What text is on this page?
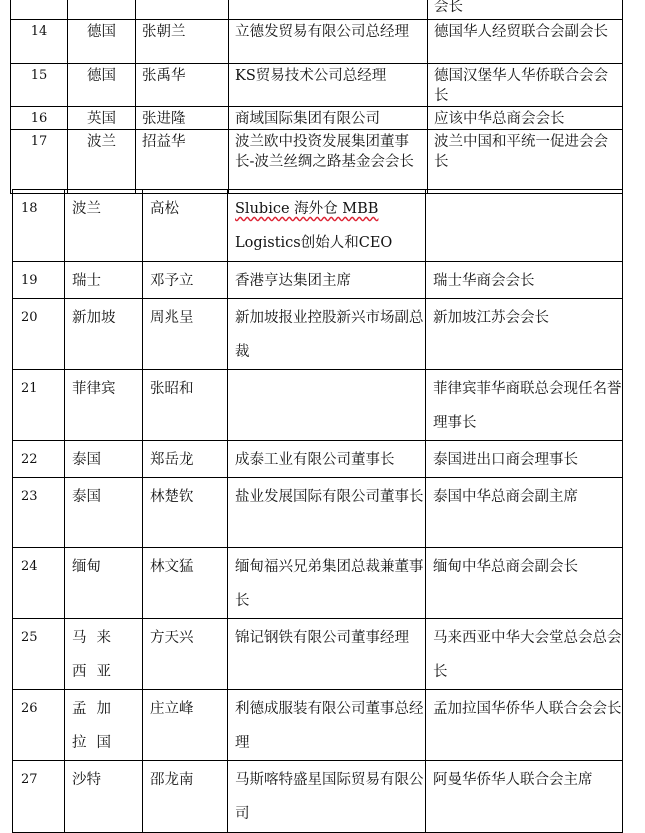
				会长
14	德国	张朝兰	立德发贸易有限公司总经理	德国华人经贸联合会副会长
15	德国	张禹华	KS贸易技术公司总经理	德国汉堡华人华侨联合会会长
16	英国	张进隆	商域国际集团有限公司	应该中华总商会会长
17	波兰	招益华	波兰欧中投资发展集团董事长-波兰丝绸之路基金会会长	波兰中国和平统一促进会会长
18	波兰	高松	Slubice 海外仓 MBB
Logistics创始人和CEO	

19	瑞士	邓予立	香港亨达集团主席	瑞士华商会会长
20	新加坡	周兆呈	新加坡报业控股新兴市场副总裁	新加坡江苏会会长
21	菲律宾	张昭和		菲律宾菲华商联总会现任名誉理事长
22	泰国	郑岳龙	成泰工业有限公司董事长	泰国进出口商会理事长
23	泰国	林楚钦	盐业发展国际有限公司董事长	泰国中华总商会副主席
24	缅甸	林文猛	缅甸福兴兄弟集团总裁兼董事长	缅甸中华总商会副会长
25	马来西亚	方天兴	锦记钢铁有限公司董事经理	马来西亚中华大会堂总会总会长
26	孟加拉国	庄立峰	利德成服装有限公司董事总经理	孟加拉国华侨华人联合会会长
27	沙特	邵龙南	马斯喀特盛星国际贸易有限公司	阿曼华侨华人联合会主席
